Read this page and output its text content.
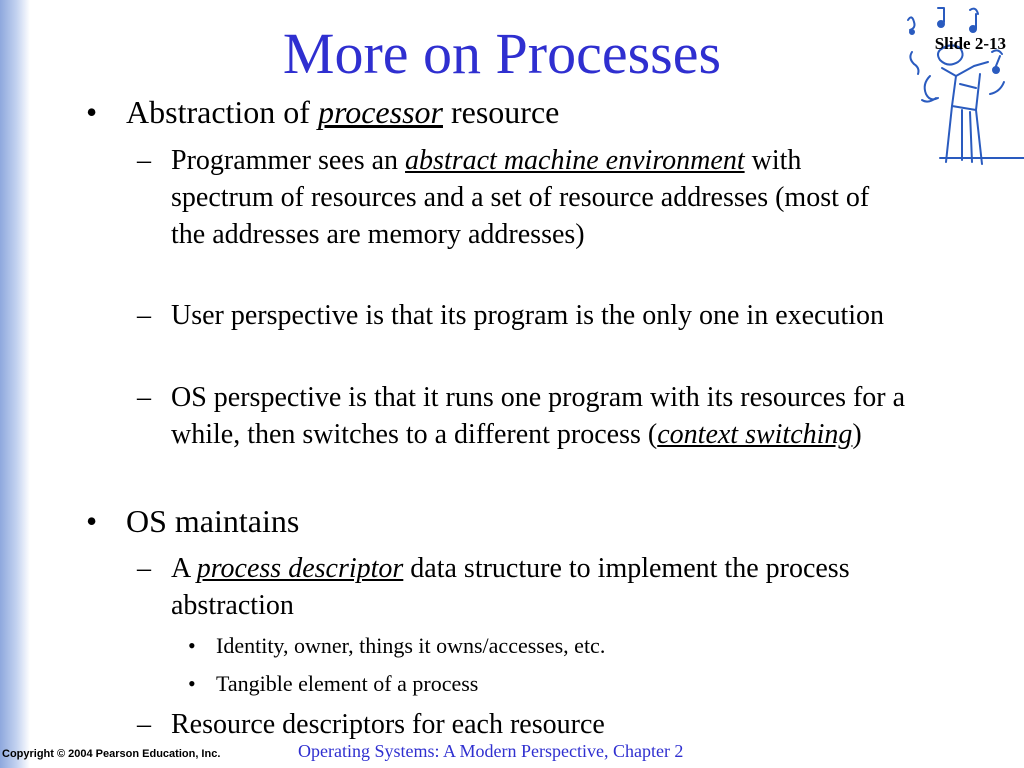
More on Processes	Slide 2-13
• Abstraction of processor resource
– Programmer sees an abstract machine environment with spectrum of resources and a set of resource addresses (most of the addresses are memory addresses)
– User perspective is that its program is the only one in execution
– OS perspective is that it runs one program with its resources for a while, then switches to a different process (context switching)
• OS maintains
– A process descriptor data structure to implement the process abstraction
• Identity, owner, things it owns/accesses, etc.
• Tangible element of a process
– Resource descriptors for each resource
Copyright © 2004 Pearson Education, Inc.	Operating Systems: A Modern Perspective, Chapter 2
